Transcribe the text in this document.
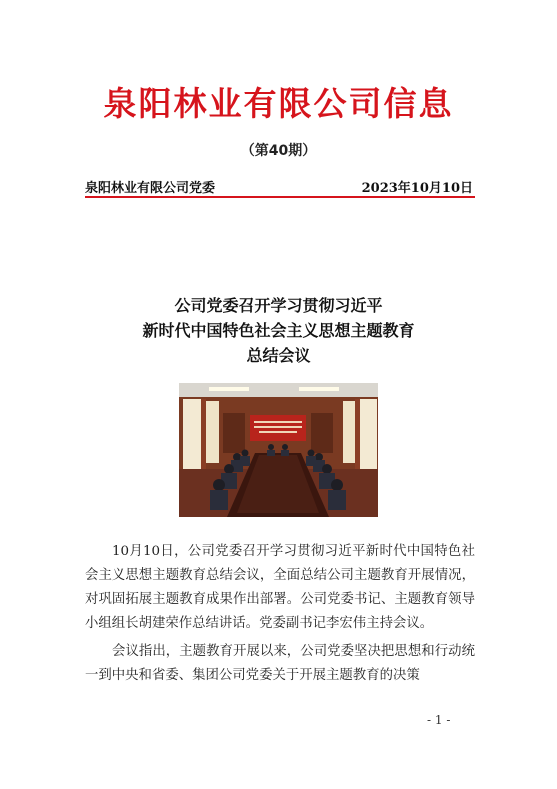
泉阳林业有限公司信息
（第40期）
泉阳林业有限公司党委	2023年10月10日
公司党委召开学习贯彻习近平
新时代中国特色社会主义思想主题教育
总结会议

10月10日，公司党委召开学习贯彻习近平新时代中国特色社会主义思想主题教育总结会议，全面总结公司主题教育开展情况，对巩固拓展主题教育成果作出部署。公司党委书记、主题教育领导小组组长胡建荣作总结讲话。党委副书记李宏伟主持会议。

会议指出，主题教育开展以来，公司党委坚决把思想和行动统一到中央和省委、集团公司党委关于开展主题教育的决策

- 1 -
